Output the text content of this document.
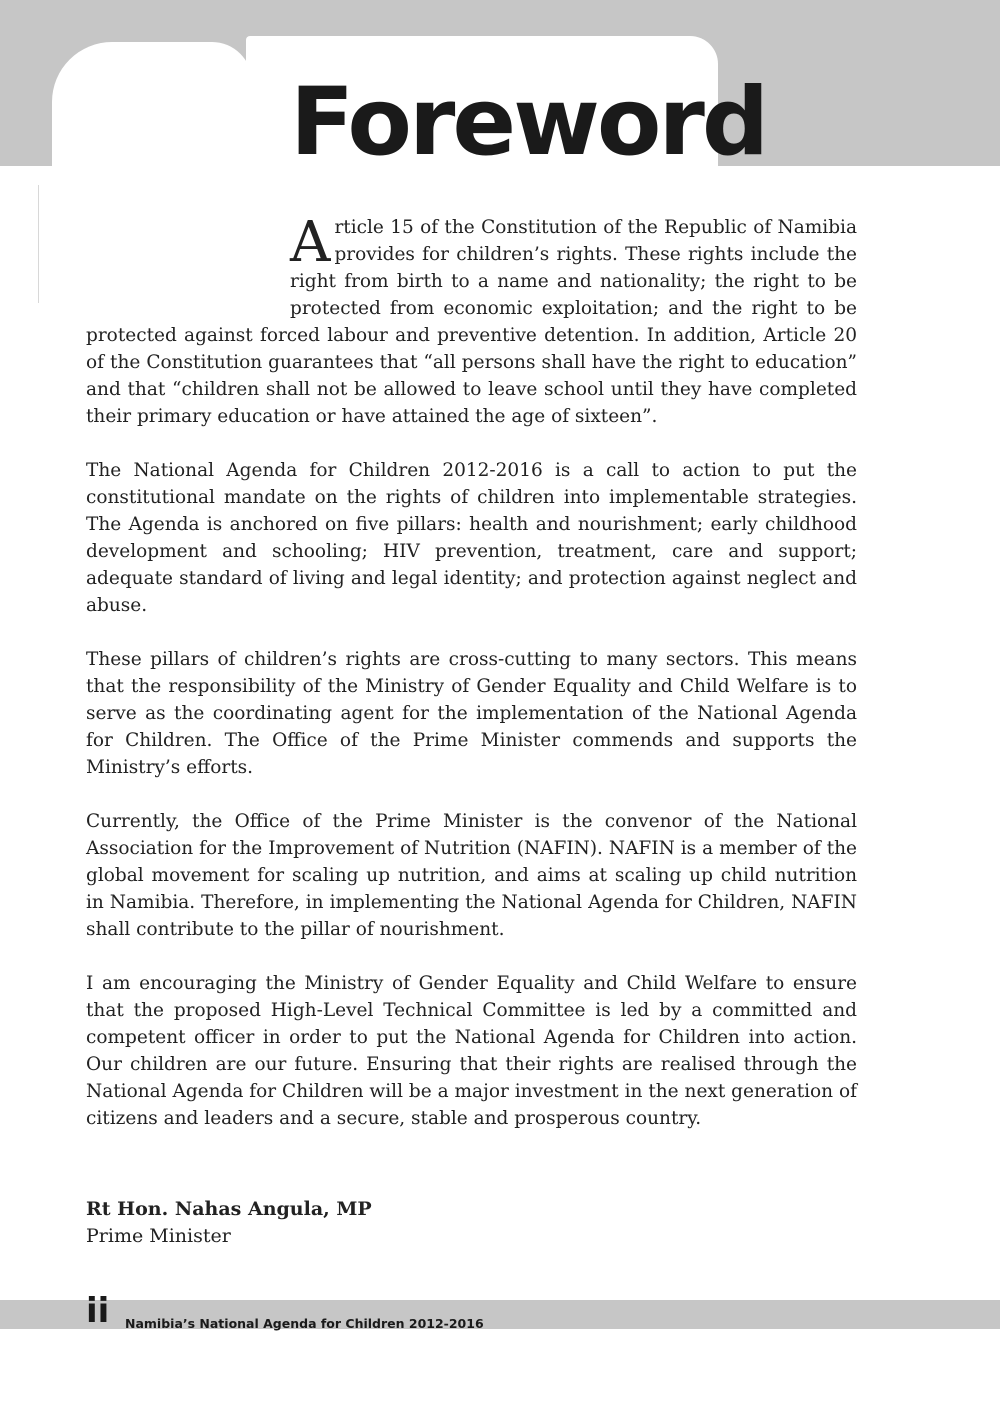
Foreword

Article 15 of the Constitution of the Republic of Namibia provides for children’s rights. These rights include the right from birth to a name and nationality; the right to be protected from economic exploitation; and the right to be protected against forced labour and preventive detention. In addition, Article 20 of the Constitution guarantees that “all persons shall have the right to education” and that “children shall not be allowed to leave school until they have completed their primary education or have attained the age of sixteen”.

The National Agenda for Children 2012-2016 is a call to action to put the constitutional mandate on the rights of children into implementable strategies. The Agenda is anchored on five pillars: health and nourishment; early childhood development and schooling; HIV prevention, treatment, care and support; adequate standard of living and legal identity; and protection against neglect and abuse.

These pillars of children’s rights are cross-cutting to many sectors. This means that the responsibility of the Ministry of Gender Equality and Child Welfare is to serve as the coordinating agent for the implementation of the National Agenda for Children. The Office of the Prime Minister commends and supports the Ministry’s efforts.

Currently, the Office of the Prime Minister is the convenor of the National Association for the Improvement of Nutrition (NAFIN). NAFIN is a member of the global movement for scaling up nutrition, and aims at scaling up child nutrition in Namibia. Therefore, in implementing the National Agenda for Children, NAFIN shall contribute to the pillar of nourishment.

I am encouraging the Ministry of Gender Equality and Child Welfare to ensure that the proposed High-Level Technical Committee is led by a committed and competent officer in order to put the National Agenda for Children into action. Our children are our future. Ensuring that their rights are realised through the National Agenda for Children will be a major investment in the next generation of citizens and leaders and a secure, stable and prosperous country.

Rt Hon. Nahas Angula, MP
Prime Minister
ii Namibia’s National Agenda for Children 2012-2016
